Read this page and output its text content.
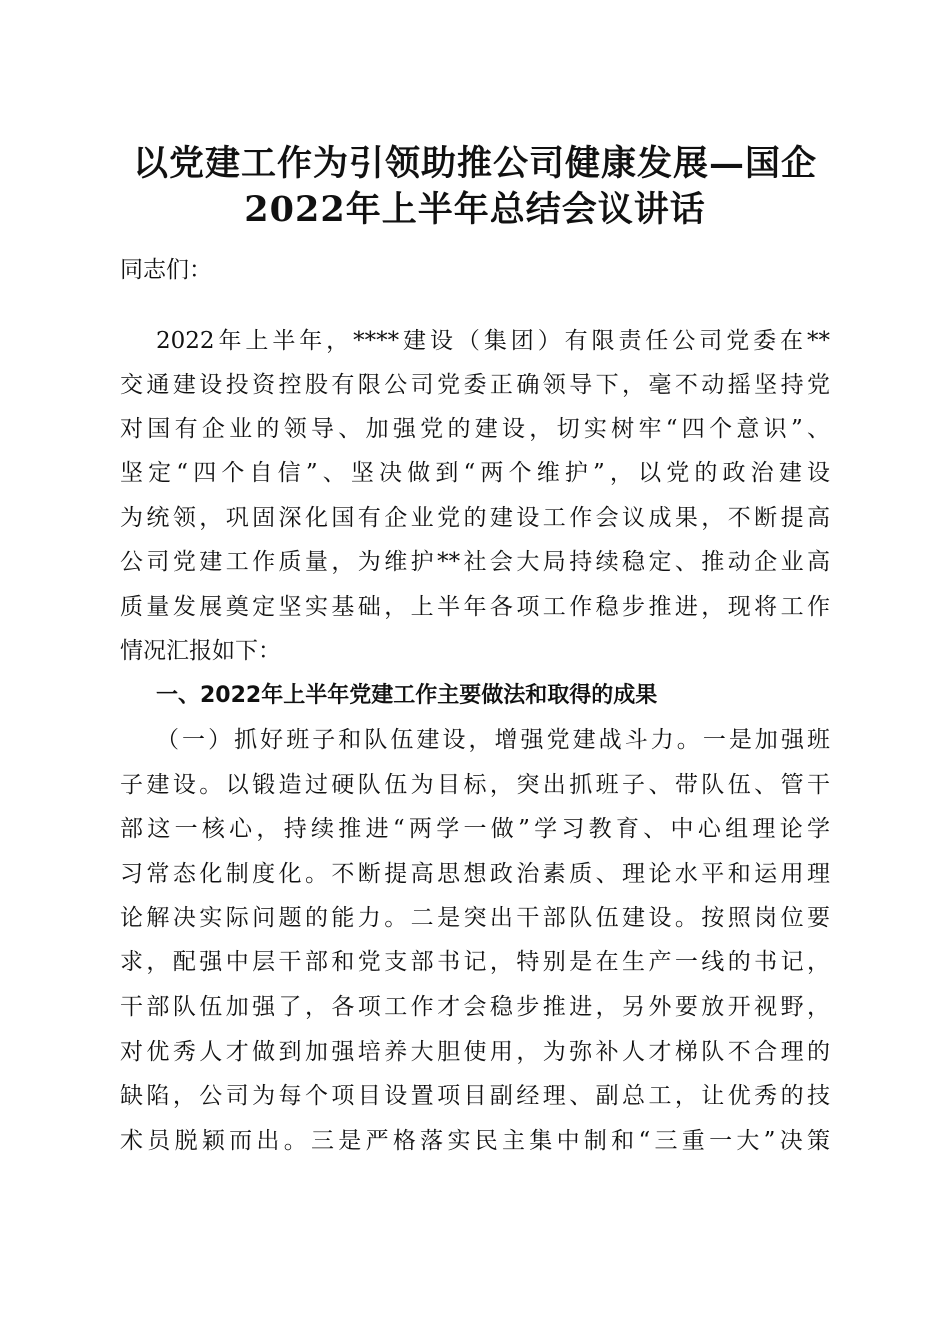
以党建工作为引领助推公司健康发展—国企
2022年上半年总结会议讲话
同志们：
2022年上半年，****建设（集团）有限责任公司党委在**
交通建设投资控股有限公司党委正确领导下，毫不动摇坚持党
对国有企业的领导、加强党的建设，切实树牢“四个意识”、
坚定“四个自信”、坚决做到“两个维护”，以党的政治建设
为统领，巩固深化国有企业党的建设工作会议成果，不断提高
公司党建工作质量，为维护**社会大局持续稳定、推动企业高
质量发展奠定坚实基础，上半年各项工作稳步推进，现将工作
情况汇报如下：
一、2022年上半年党建工作主要做法和取得的成果
（一）抓好班子和队伍建设，增强党建战斗力。一是加强班
子建设。以锻造过硬队伍为目标，突出抓班子、带队伍、管干
部这一核心，持续推进“两学一做”学习教育、中心组理论学
习常态化制度化。不断提高思想政治素质、理论水平和运用理
论解决实际问题的能力。二是突出干部队伍建设。按照岗位要
求，配强中层干部和党支部书记，特别是在生产一线的书记，
干部队伍加强了，各项工作才会稳步推进，另外要放开视野，
对优秀人才做到加强培养大胆使用，为弥补人才梯队不合理的
缺陷，公司为每个项目设置项目副经理、副总工，让优秀的技
术员脱颖而出。三是严格落实民主集中制和“三重一大”决策
